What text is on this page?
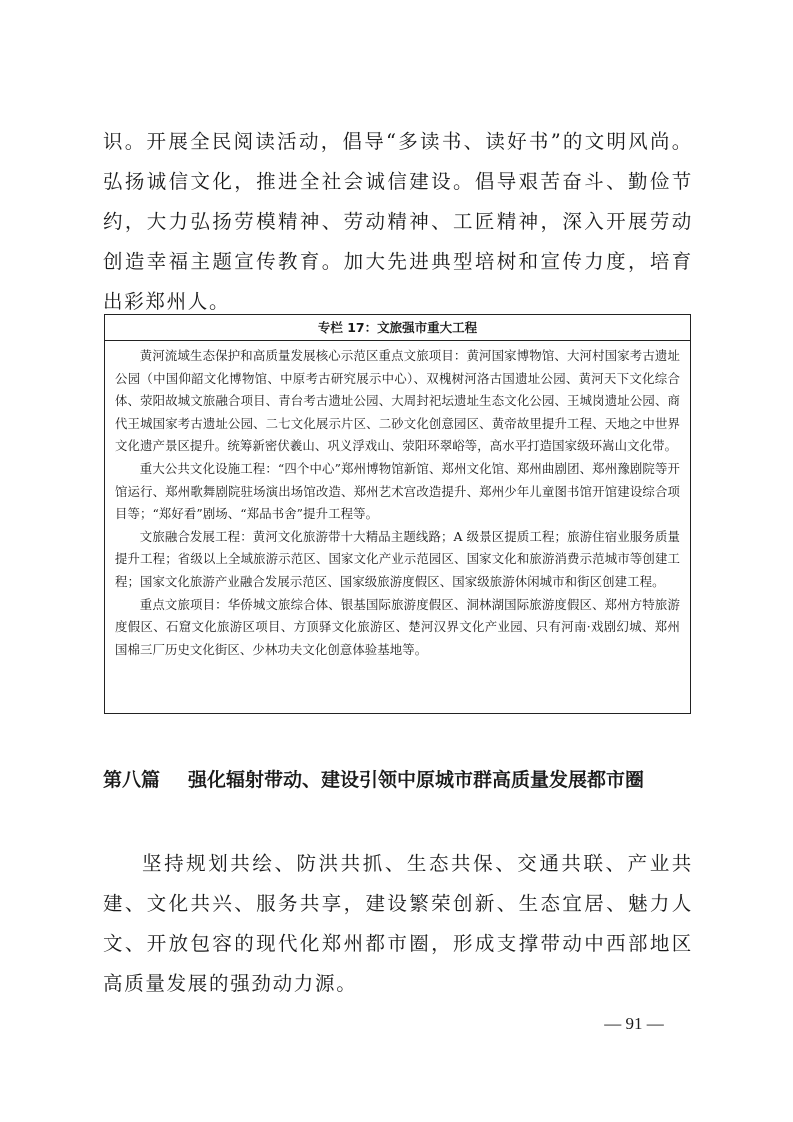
识。开展全民阅读活动，倡导“多读书、读好书”的文明风尚。弘扬诚信文化，推进全社会诚信建设。倡导艰苦奋斗、勤俭节约，大力弘扬劳模精神、劳动精神、工匠精神，深入开展劳动创造幸福主题宣传教育。加大先进典型培树和宣传力度，培育出彩郑州人。

专栏 17：文旅强市重大工程

黄河流域生态保护和高质量发展核心示范区重点文旅项目：黄河国家博物馆、大河村国家考古遗址公园（中国仰韶文化博物馆、中原考古研究展示中心）、双槐树河洛古国遗址公园、黄河天下文化综合体、荥阳故城文旅融合项目、青台考古遗址公园、大周封祀坛遗址生态文化公园、王城岗遗址公园、商代王城国家考古遗址公园、二七文化展示片区、二砂文化创意园区、黄帝故里提升工程、天地之中世界文化遗产景区提升。统筹新密伏羲山、巩义浮戏山、荥阳环翠峪等，高水平打造国家级环嵩山文化带。

重大公共文化设施工程：“四个中心”郑州博物馆新馆、郑州文化馆、郑州曲剧团、郑州豫剧院等开馆运行、郑州歌舞剧院驻场演出场馆改造、郑州艺术宫改造提升、郑州少年儿童图书馆开馆建设综合项目等；“郑好看”剧场、“郑品书舍”提升工程等。

文旅融合发展工程：黄河文化旅游带十大精品主题线路；A 级景区提质工程；旅游住宿业服务质量提升工程；省级以上全域旅游示范区、国家文化产业示范园区、国家文化和旅游消费示范城市等创建工程；国家文化旅游产业融合发展示范区、国家级旅游度假区、国家级旅游休闲城市和街区创建工程。

重点文旅项目：华侨城文旅综合体、银基国际旅游度假区、洞林湖国际旅游度假区、郑州方特旅游度假区、石窟文化旅游区项目、方顶驿文化旅游区、楚河汉界文化产业园、只有河南·戏剧幻城、郑州国棉三厂历史文化街区、少林功夫文化创意体验基地等。

第八篇 强化辐射带动、建设引领中原城市群高质量发展都市圈

坚持规划共绘、防洪共抓、生态共保、交通共联、产业共建、文化共兴、服务共享，建设繁荣创新、生态宜居、魅力人文、开放包容的现代化郑州都市圈，形成支撑带动中西部地区高质量发展的强劲动力源。

— 91 —
